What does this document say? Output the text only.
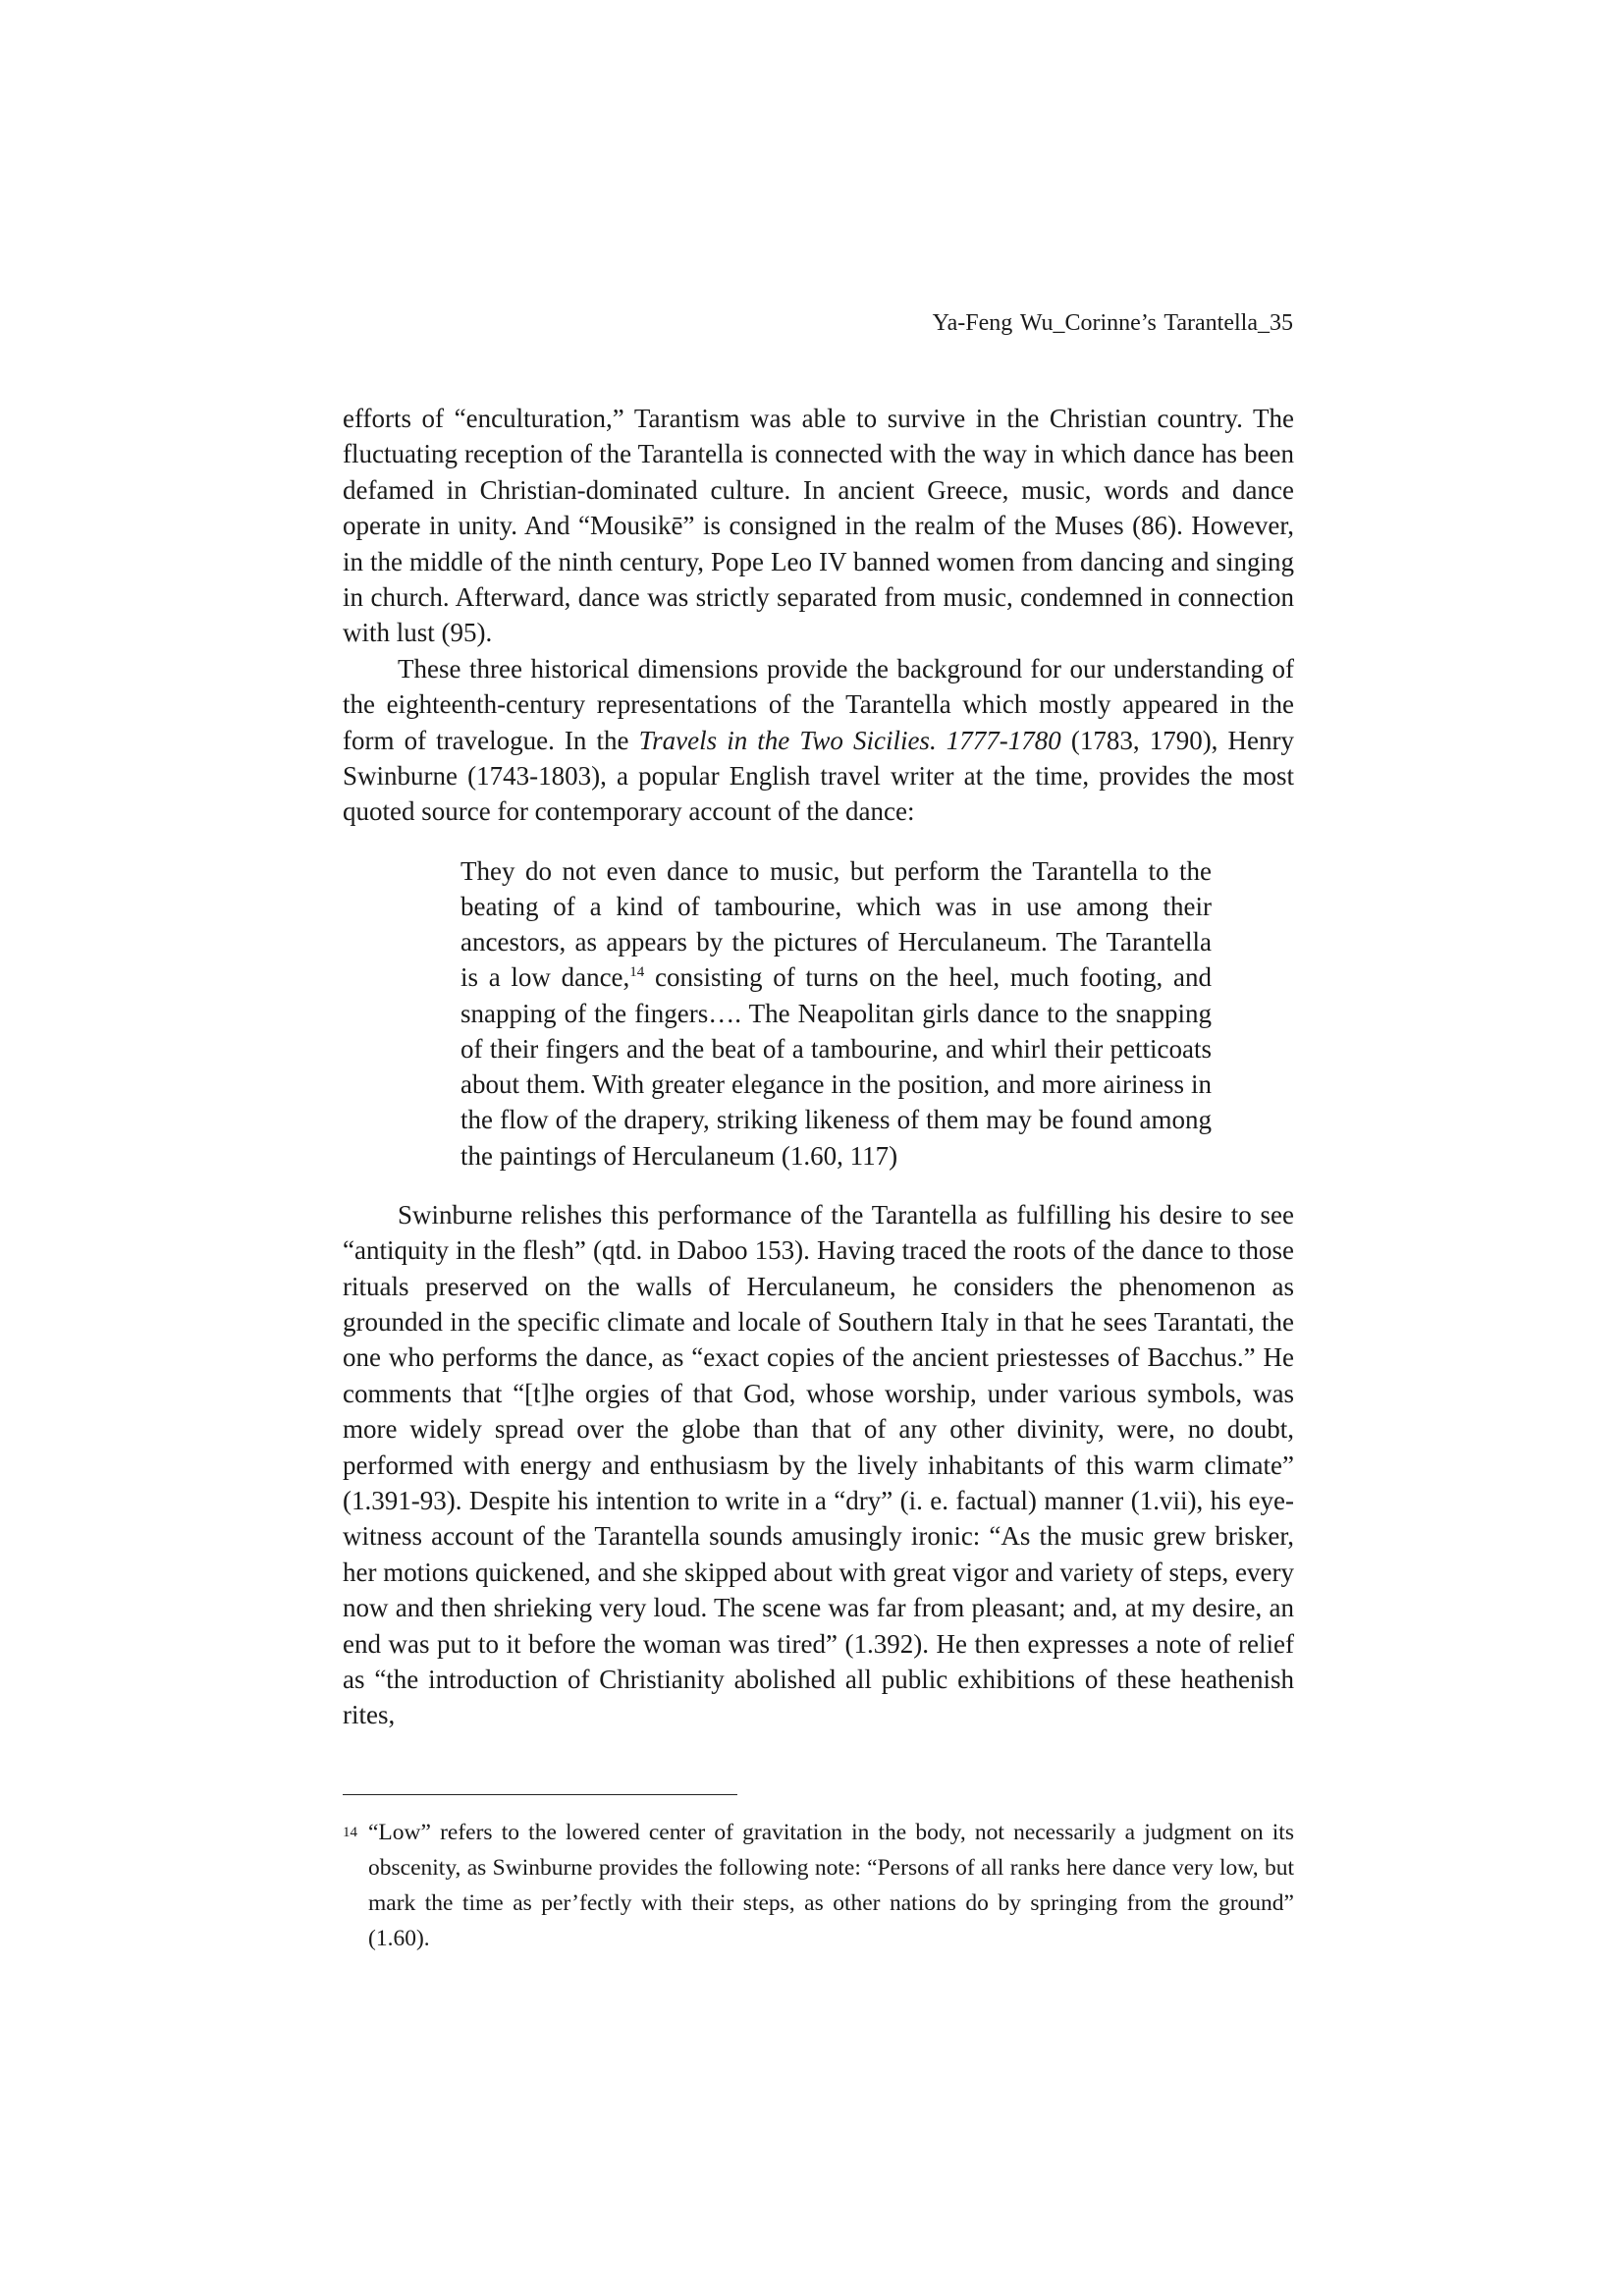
Ya-Feng Wu_Corinne’s Tarantella_35

efforts of “enculturation,” Tarantism was able to survive in the Christian country. The fluctuating reception of the Tarantella is connected with the way in which dance has been defamed in Christian-dominated culture. In ancient Greece, music, words and dance operate in unity. And “Mousikē” is consigned in the realm of the Muses (86). However, in the middle of the ninth century, Pope Leo IV banned women from dancing and singing in church. Afterward, dance was strictly separated from music, condemned in connection with lust (95).

These three historical dimensions provide the background for our understanding of the eighteenth-century representations of the Tarantella which mostly appeared in the form of travelogue. In the Travels in the Two Sicilies. 1777-1780 (1783, 1790), Henry Swinburne (1743-1803), a popular English travel writer at the time, provides the most quoted source for contemporary account of the dance:

They do not even dance to music, but perform the Tarantella to the beating of a kind of tambourine, which was in use among their ancestors, as appears by the pictures of Herculaneum. The Tarantella is a low dance,$^{14}$ consisting of turns on the heel, much footing, and snapping of the fingers…. The Neapolitan girls dance to the snapping of their fingers and the beat of a tambourine, and whirl their petticoats about them. With greater elegance in the position, and more airiness in the flow of the drapery, striking likeness of them may be found among the paintings of Herculaneum (1.60, 117)

Swinburne relishes this performance of the Tarantella as fulfilling his desire to see “antiquity in the flesh” (qtd. in Daboo 153). Having traced the roots of the dance to those rituals preserved on the walls of Herculaneum, he considers the phenomenon as grounded in the specific climate and locale of Southern Italy in that he sees Tarantati, the one who performs the dance, as “exact copies of the ancient priestesses of Bacchus.” He comments that “[t]he orgies of that God, whose worship, under various symbols, was more widely spread over the globe than that of any other divinity, were, no doubt, performed with energy and enthusiasm by the lively inhabitants of this warm climate” (1.391-93). Despite his intention to write in a “dry” (i. e. factual) manner (1.vii), his eye-witness account of the Tarantella sounds amusingly ironic: “As the music grew brisker, her motions quickened, and she skipped about with great vigor and variety of steps, every now and then shrieking very loud. The scene was far from pleasant; and, at my desire, an end was put to it before the woman was tired” (1.392). He then expresses a note of relief as “the introduction of Christianity abolished all public exhibitions of these heathenish rites,

14 “Low” refers to the lowered center of gravitation in the body, not necessarily a judgment on its obscenity, as Swinburne provides the following note: “Persons of all ranks here dance very low, but mark the time as per’fectly with their steps, as other nations do by springing from the ground” (1.60).
